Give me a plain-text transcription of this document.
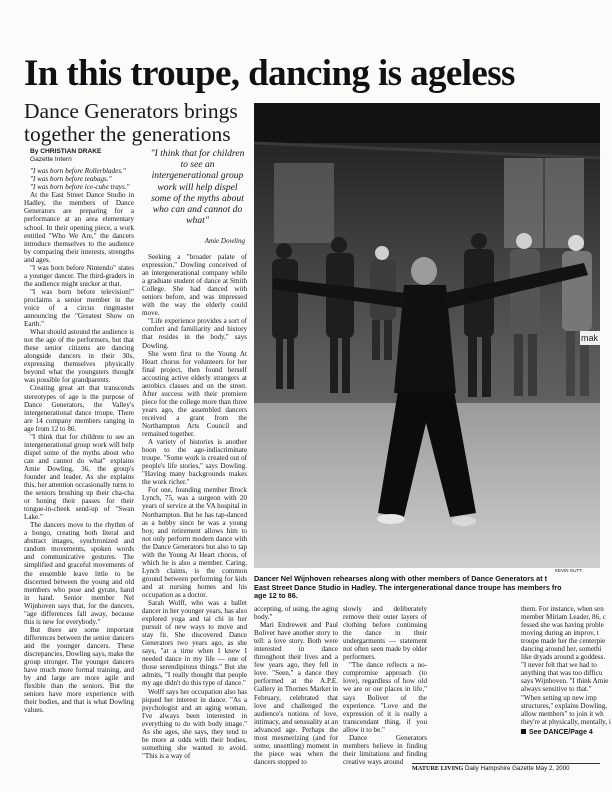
In this troupe, dancing is ageless
Dance Generators brings together the generations

By CHRISTIAN DRAKE

Gazette Intern

"I was born before Rollerblades."

"I was born before teabags."

"I was born before ice-cube trays."

At the East Street Dance Studio in Hadley, the members of Dance Generators are preparing for a performance at an area elementary school. In their opening piece, a work entitled "Who We Are," the dancers introduce themselves to the audience by comparing their interests, strengths and ages.

"I was born before Nintendo" states a younger dancer. The third-graders in the audience might snicker at that.

"I was born before television!" proclaims a senior member in the voice of a circus ringmaster announcing the "Greatest Show on Earth."

What should astound the audience is not the age of the performers, but that these senior citizens are dancing alongside dancers in their 30s, expressing themselves physically beyond what the youngsters thought was possible for grandparents.

Creating great art that transcends stereotypes of age is the purpose of Dance Generators, the Valley's intergenerational dance troupe. There are 14 company members ranging in age from 12 to 86.

"I think that for children to see an intergenerational group work will help dispel some of the myths about who can and cannot do what" explains Amie Dowling, 36, the group's founder and leader. As she explains this, her attention occasionally turns to the seniors brushing up their cha-cha or honing their passes for their tongue-in-cheek send-up of "Swan Lake."

The dancers move to the rhythm of a bongo, creating both literal and abstract images, synchronized and random movements, spoken words and communicative gestures. The simplified and graceful movements of the ensemble leave little to be discerned between the young and old members who pose and gyrate, hand in hand. Senior member Nel Wijnhoven says that, for the dancers, "age differences fall away, because this is new for everybody."

But there are some important differences between the senior dancers and the younger dancers. These discrepancies, Dowling says, make the group stronger. The younger dancers have much more formal training, and by and large are more agile and flexible than the seniors. But the seniors have more experience with their bodies, and that is what Dowling values.

"I think that for children to see an intergenerational group work will help dispel some of the myths about who can and cannot do what"
Amie Dowling

Seeking a "broader palate of expression," Dowling conceived of an intergenerational company while a graduate student of dance at Smith College. She had danced with seniors before, and was impressed with the way the elderly could move.

"Life experience provides a sort of comfort and familiarity and history that resides in the body," says Dowling.

She went first to the Young At Heart chorus for volunteers for her final project, then found herself accosting active elderly strangers at aerobics classes and on the street. After success with their premiere piece for the college more than three years ago, the assembled dancers received a grant from the Northampton Arts Council and remained together.

A variety of histories is another boon to the age-indiscriminate troupe. "Some work is created out of people's life stories," says Dowling. "Having many backgrounds makes the work richer."

For one, founding member Brock Lynch, 75, was a surgeon with 20 years of service at the VA hospital in Northampton. But he has tap-danced as a hobby since he was a young boy, and retirement allows him to not only perform modern dance with the Dance Generators but also to tap with the Young At Heart chorus, of which he is also a member. Caring, Lynch claims, is the common ground between performing for kids and at nursing homes and his occupation as a doctor.

Sarah Wolff, who was a ballet dancer in her younger years, has also explored yoga and tai chi in her pursuit of new ways to move and stay fit. She discovered Dance Generators two years ago, as she says, "at a time when I knew I needed dance in my life — one of those serendipitous things." But she admits, "I really thought that people my age didn't do this type of dance."

Wolff says her occupation also has piqued her interest in dance. "As a psychologist and an aging woman, I've always been interested in everything to do with body image." As she ages, she says, they tend to be more at odds with their bodies, something she wanted to avoid. "This is a way of

mak
KEVIN GUTT
Dancer Nel Wijnhoven rehearses along with other members of Dance Generators at t
East Street Dance Studio in Hadley. The intergenerational dance troupe has members fro
age 12 to 86.

accepting, of using, the aging body."

Mari Endreweit and Paul Boliver have another story to tell: a love story. Both were interested in dance throughout their lives and a few years ago, they fell in love. "Seen," a dance they performed at the A.P.E. Gallery in Thornes Market in February, celebrated that love and challenged the audience's notions of love, intimacy, and sensuality at an advanced age. Perhaps the most mesmerizing (and for some, unsettling) moment in the piece was when the dancers stopped to

slowly and deliberately remove their outer layers of clothing before continuing the dance in their undergarments — statement not often seen made by older performers.

"The dance reflects a no-compromise approach (to love), regardless of how old we are or our places in life," says Boliver of the experience. "Love and the expression of it is really a transcendant thing, if you allow it to be."

Dance Generators members believe in finding their limitations and finding creative ways around

them. For instance, when sen

member Miriam Leader, 86, c

fessed she was having proble

moving during an improv, t

troupe made her the centerpie

dancing around her, somethi

like dryads around a goddess.

"I never felt that we had to

anything that was too difficu

says Wijnhoven. "I think Amie

always sensitive to that."

"When setting up new imp

structures," explains Dowling,

allow members" to join it wh

they're at physically, mentally, i

See DANCE/Page 4

MATURE LIVING Daily Hampshire Gazette May 2, 2000
